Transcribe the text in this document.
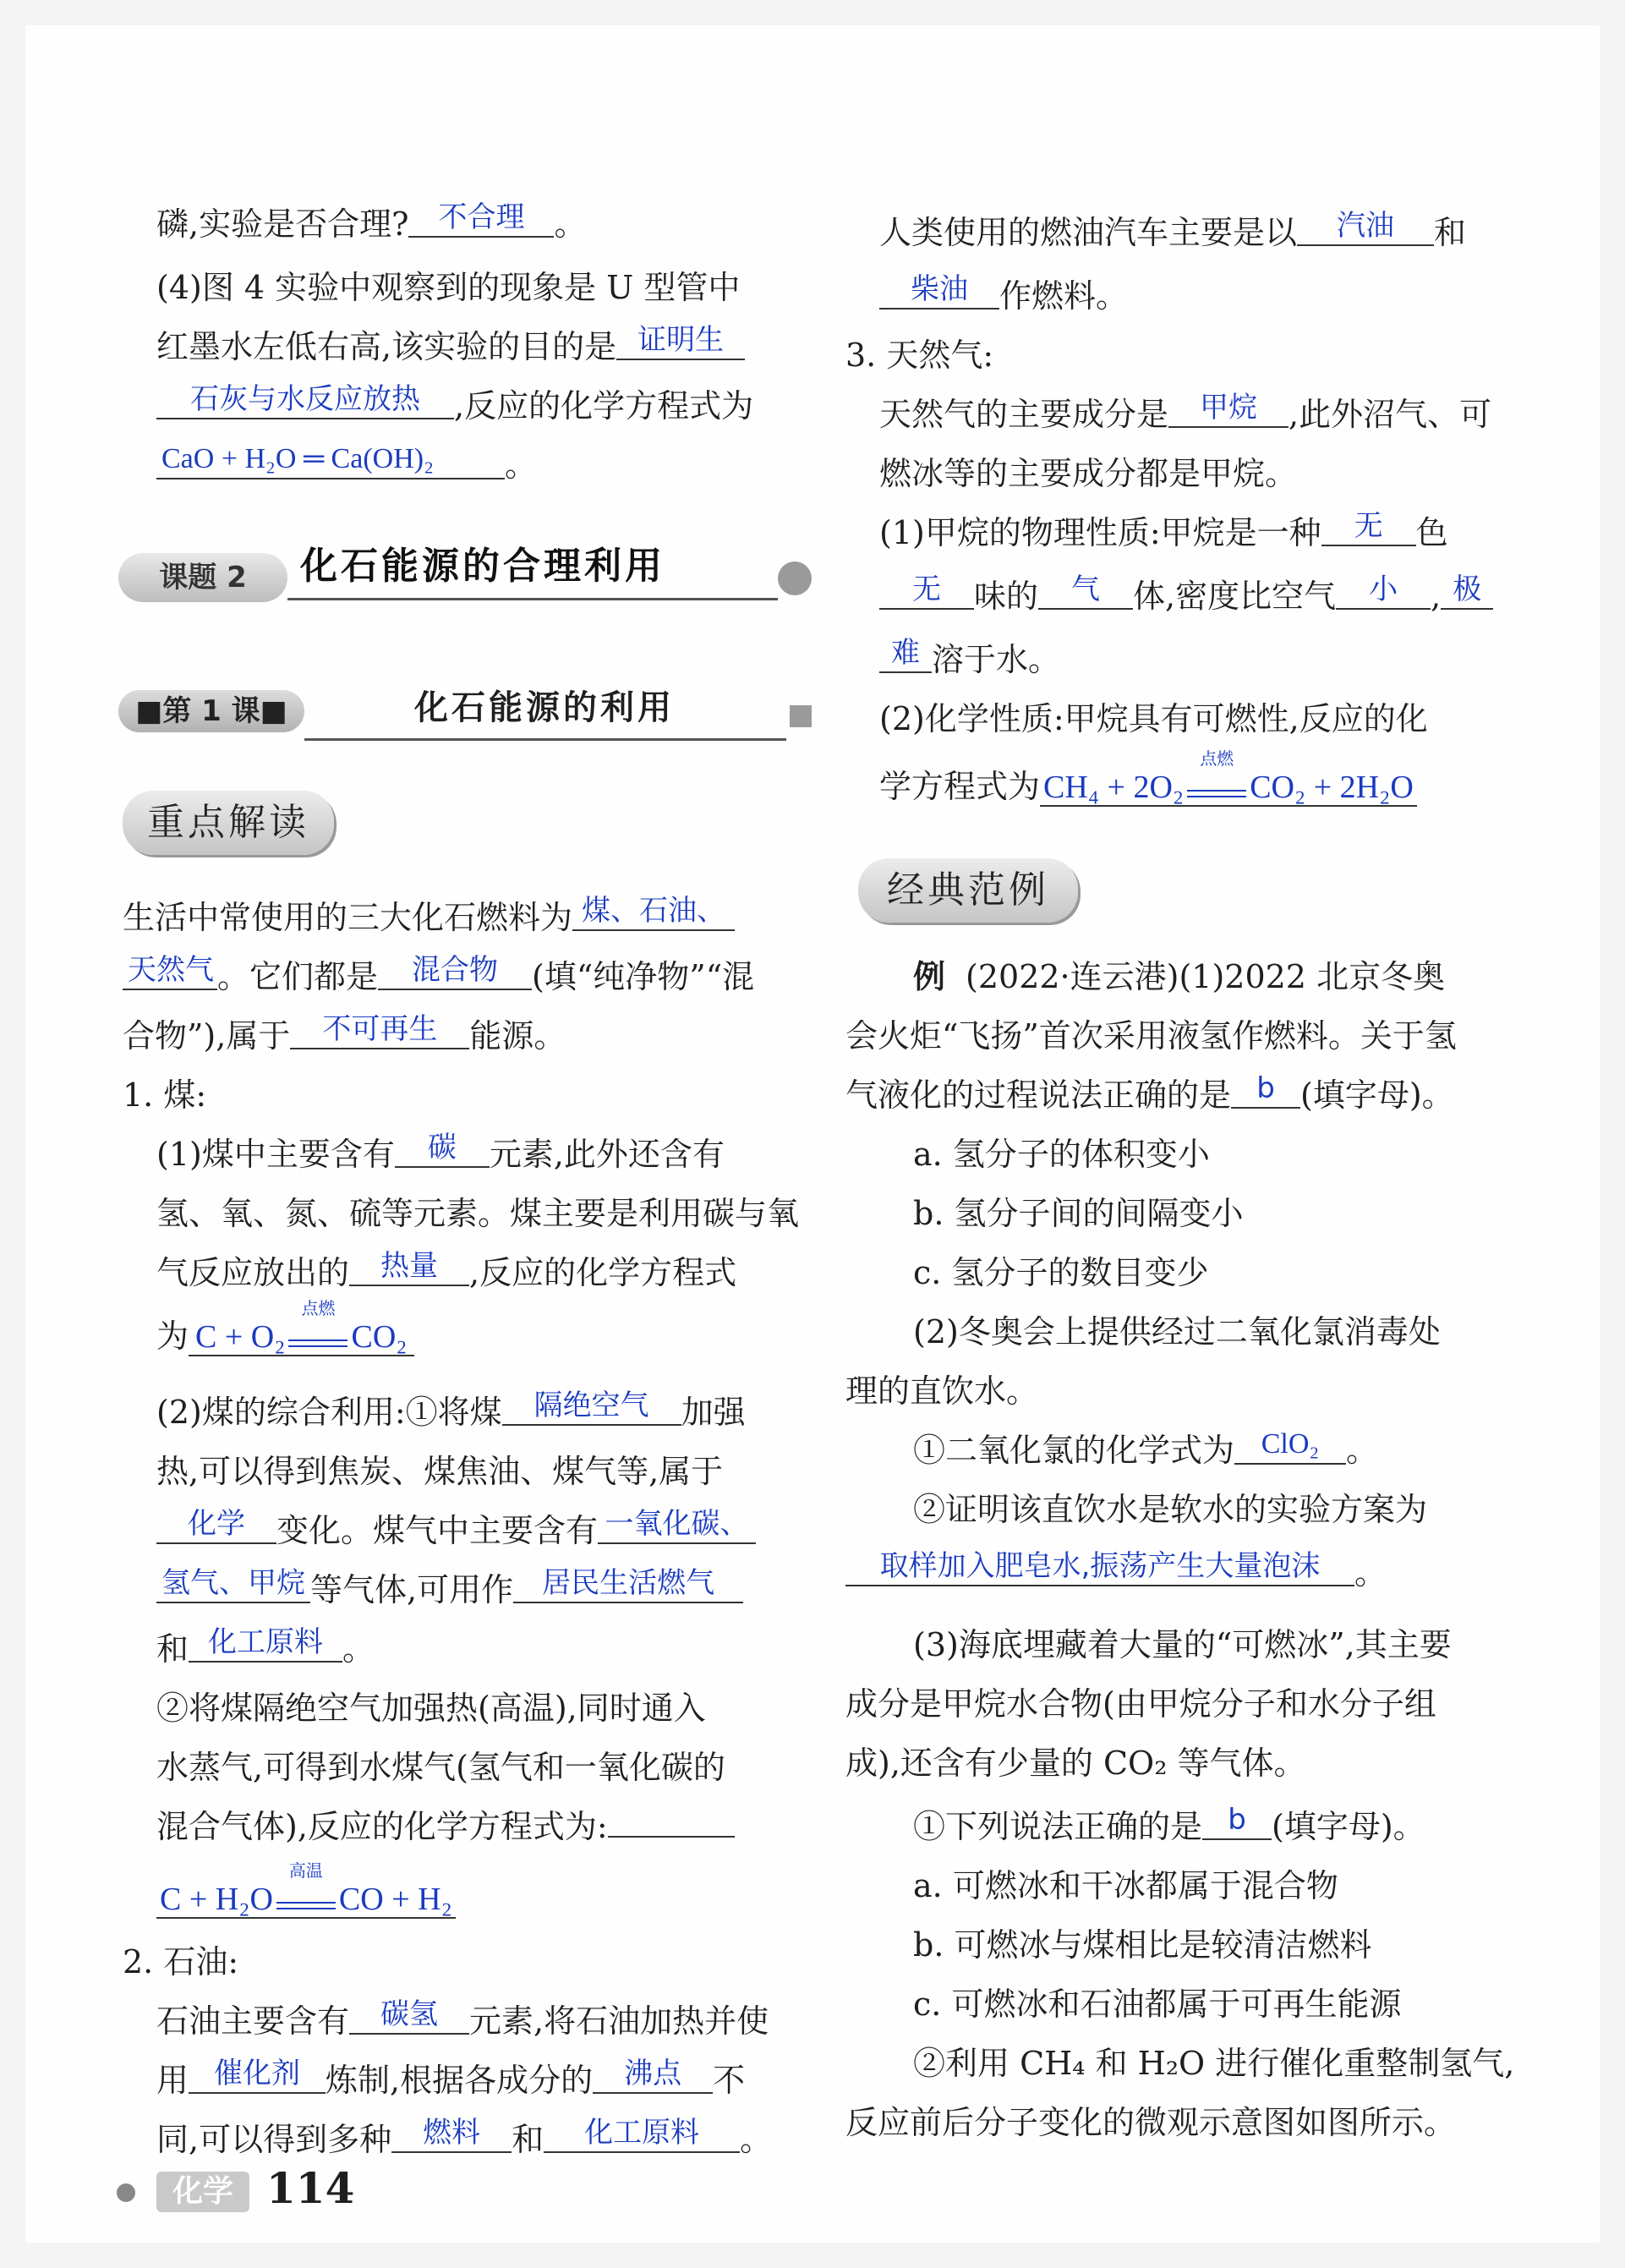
磷,实验是否合理? 不合理 。
(4)图 4 实验中观察到的现象是 U 型管中
红墨水左低右高,该实验的目的是 证明生
石灰与水反应放热 ,反应的化学方程式为
CaO + H₂O ═ Ca(OH)₂ 。
课题 2	化石能源的合理利用
■第 1 课■	化石能源的利用
重点解读
生活中常使用的三大化石燃料为 煤、石油、
天然气 。它们都是 混合物 (填“纯净物”“混
合物”),属于 不可再生 能源。
1. 煤:
(1)煤中主要含有 碳 元素,此外还含有
氢、氧、氮、硫等元素。煤主要是利用碳与氧
气反应放出的 热量 ,反应的化学方程式
为 C + O₂
点燃
CO₂
(2)煤的综合利用:①将煤 隔绝空气 加强
热,可以得到焦炭、煤焦油、煤气等,属于
化学 变化。煤气中主要含有 一氧化碳、
氢气、甲烷 等气体,可用作 居民生活燃气
和 化工原料 。
②将煤隔绝空气加强热(高温),同时通入
水蒸气,可得到水煤气(氢气和一氧化碳的
混合气体),反应的化学方程式为:
C + H₂O
高温
CO + H₂
2. 石油:
石油主要含有 碳氢 元素,将石油加热并使
用 催化剂 炼制,根据各成分的 沸点 不
同,可以得到多种 燃料 和 化工原料 。
人类使用的燃油汽车主要是以 汽油 和
柴油 作燃料。
3. 天然气:
天然气的主要成分是 甲烷 ,此外沼气、可
燃冰等的主要成分都是甲烷。
(1)甲烷的物理性质:甲烷是一种 无 色
无 味的 气 体,密度比空气 小 , 极
难 溶于水。
(2)化学性质:甲烷具有可燃性,反应的化
学方程式为 CH₄ + 2O₂
点燃
CO₂ + 2H₂O
经典范例
例 (2022·连云港)(1)2022 北京冬奥
会火炬“飞扬”首次采用液氢作燃料。关于氢
气液化的过程说法正确的是 b (填字母)。
a. 氢分子的体积变小
b. 氢分子间的间隔变小
c. 氢分子的数目变少
(2)冬奥会上提供经过二氧化氯消毒处
理的直饮水。
①二氧化氯的化学式为 ClO₂ 。
②证明该直饮水是软水的实验方案为
取样加入肥皂水,振荡产生大量泡沫 。
(3)海底埋藏着大量的“可燃冰”,其主要
成分是甲烷水合物(由甲烷分子和水分子组
成),还含有少量的 CO₂ 等气体。
①下列说法正确的是 b (填字母)。
a. 可燃冰和干冰都属于混合物
b. 可燃冰与煤相比是较清洁燃料
c. 可燃冰和石油都属于可再生能源
②利用 CH₄ 和 H₂O 进行催化重整制氢气,
反应前后分子变化的微观示意图如图所示。
化学 114
